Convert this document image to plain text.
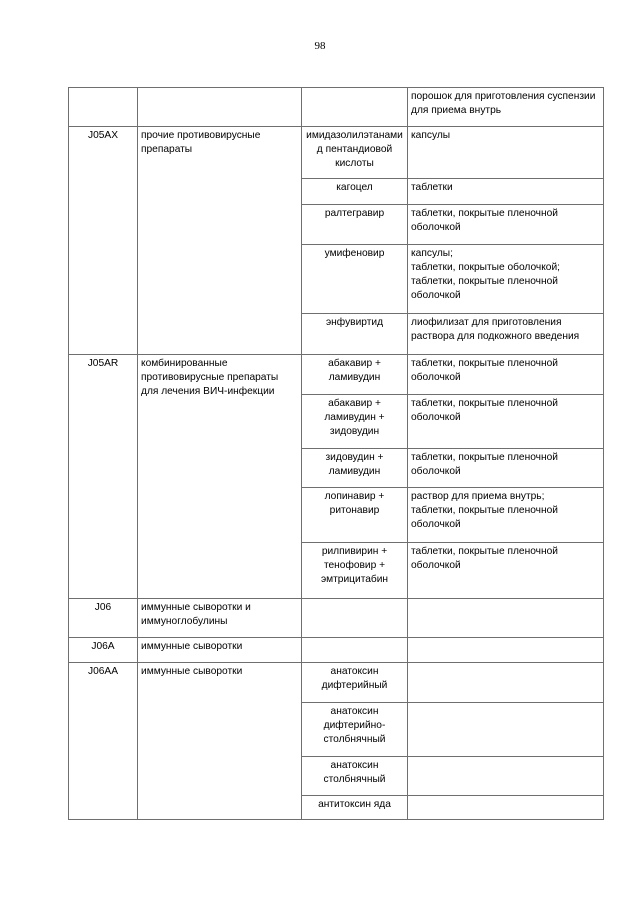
98
			порошок для приготовления суспензии для приема внутрь
J05AX	прочие противовирусные препараты	имидазолилэтанамид пентандиовой кислоты	капсулы
		кагоцел	таблетки
		ралтегравир	таблетки, покрытые пленочной оболочкой
		умифеновир	капсулы;
таблетки, покрытые оболочкой;
таблетки, покрытые пленочной оболочкой
		энфувиртид	лиофилизат для приготовления раствора для подкожного введения
J05AR	комбинированные противовирусные препараты для лечения ВИЧ-инфекции	абакавир + ламивудин	таблетки, покрытые пленочной оболочкой
		абакавир + ламивудин + зидовудин	таблетки, покрытые пленочной оболочкой
		зидовудин + ламивудин	таблетки, покрытые пленочной оболочкой
		лопинавир + ритонавир	раствор для приема внутрь;
таблетки, покрытые пленочной оболочкой
		рилпивирин + тенофовир + эмтрицитабин	таблетки, покрытые пленочной оболочкой
J06	иммунные сыворотки и иммуноглобулины		
J06A	иммунные сыворотки		
J06AA	иммунные сыворотки	анатоксин дифтерийный	
		анатоксин дифтерийно-столбнячный	
		анатоксин столбнячный	
		антитоксин яда	
